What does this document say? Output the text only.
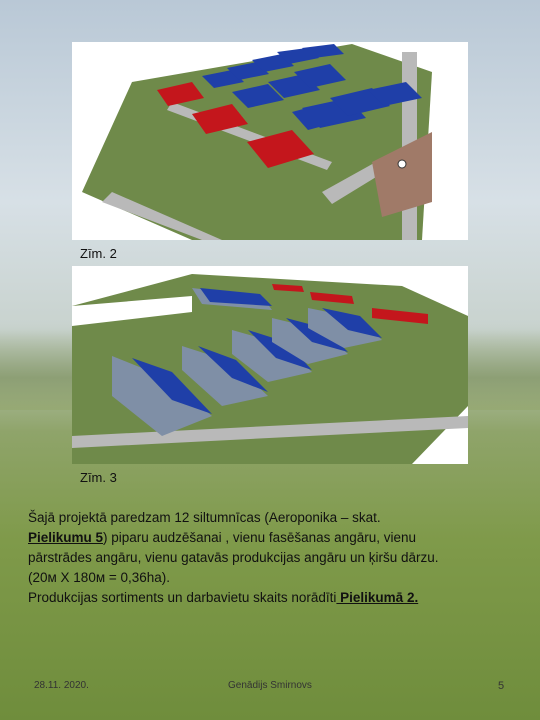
Zīm. 2
Zīm. 3

Šajā projektā paredzam 12 siltumnīcas (Aeroponika – skat.

Pielikumu 5) piparu audzēšanai , vienu fasēšanas angāru, vienu

pārstrādes angāru, vienu gatavās produkcijas angāru un ķiršu dārzu.

(20м X 180м = 0,36ha).

Produkcijas sortiments un darbavietu skaits norādīti Pielikumā 2.

28.11. 2020.	Genādijs Smirnovs	5
